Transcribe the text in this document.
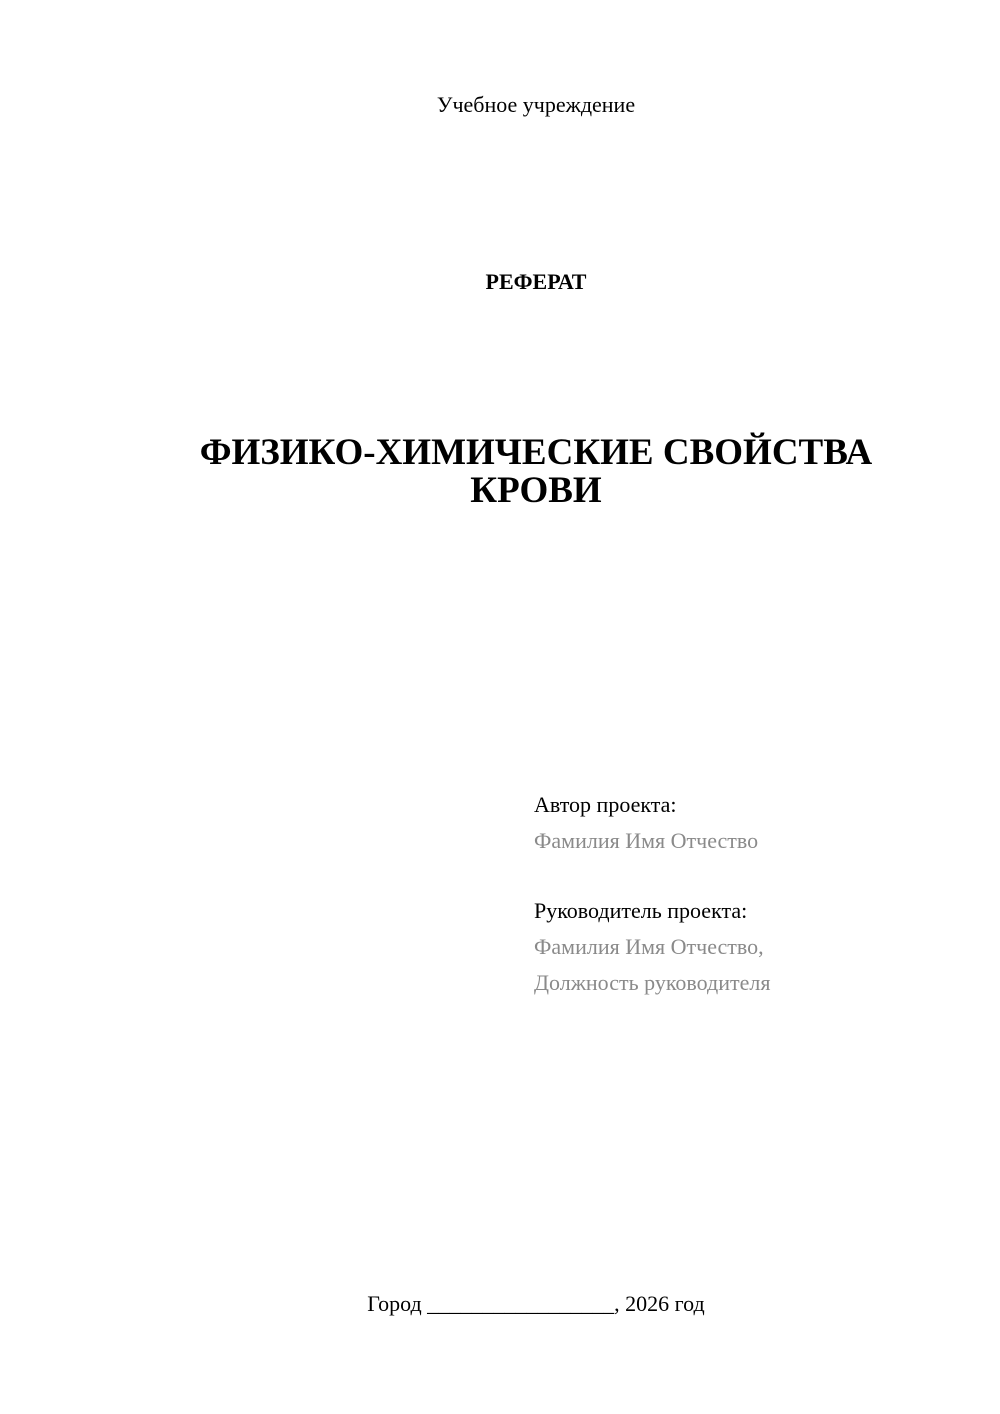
Учебное учреждение
РЕФЕРАТ
ФИЗИКО-ХИМИЧЕСКИЕ СВОЙСТВА КРОВИ
Автор проекта:
Фамилия Имя Отчество
Руководитель проекта:
Фамилия Имя Отчество,
Должность руководителя
Город _________________, 2026 год
